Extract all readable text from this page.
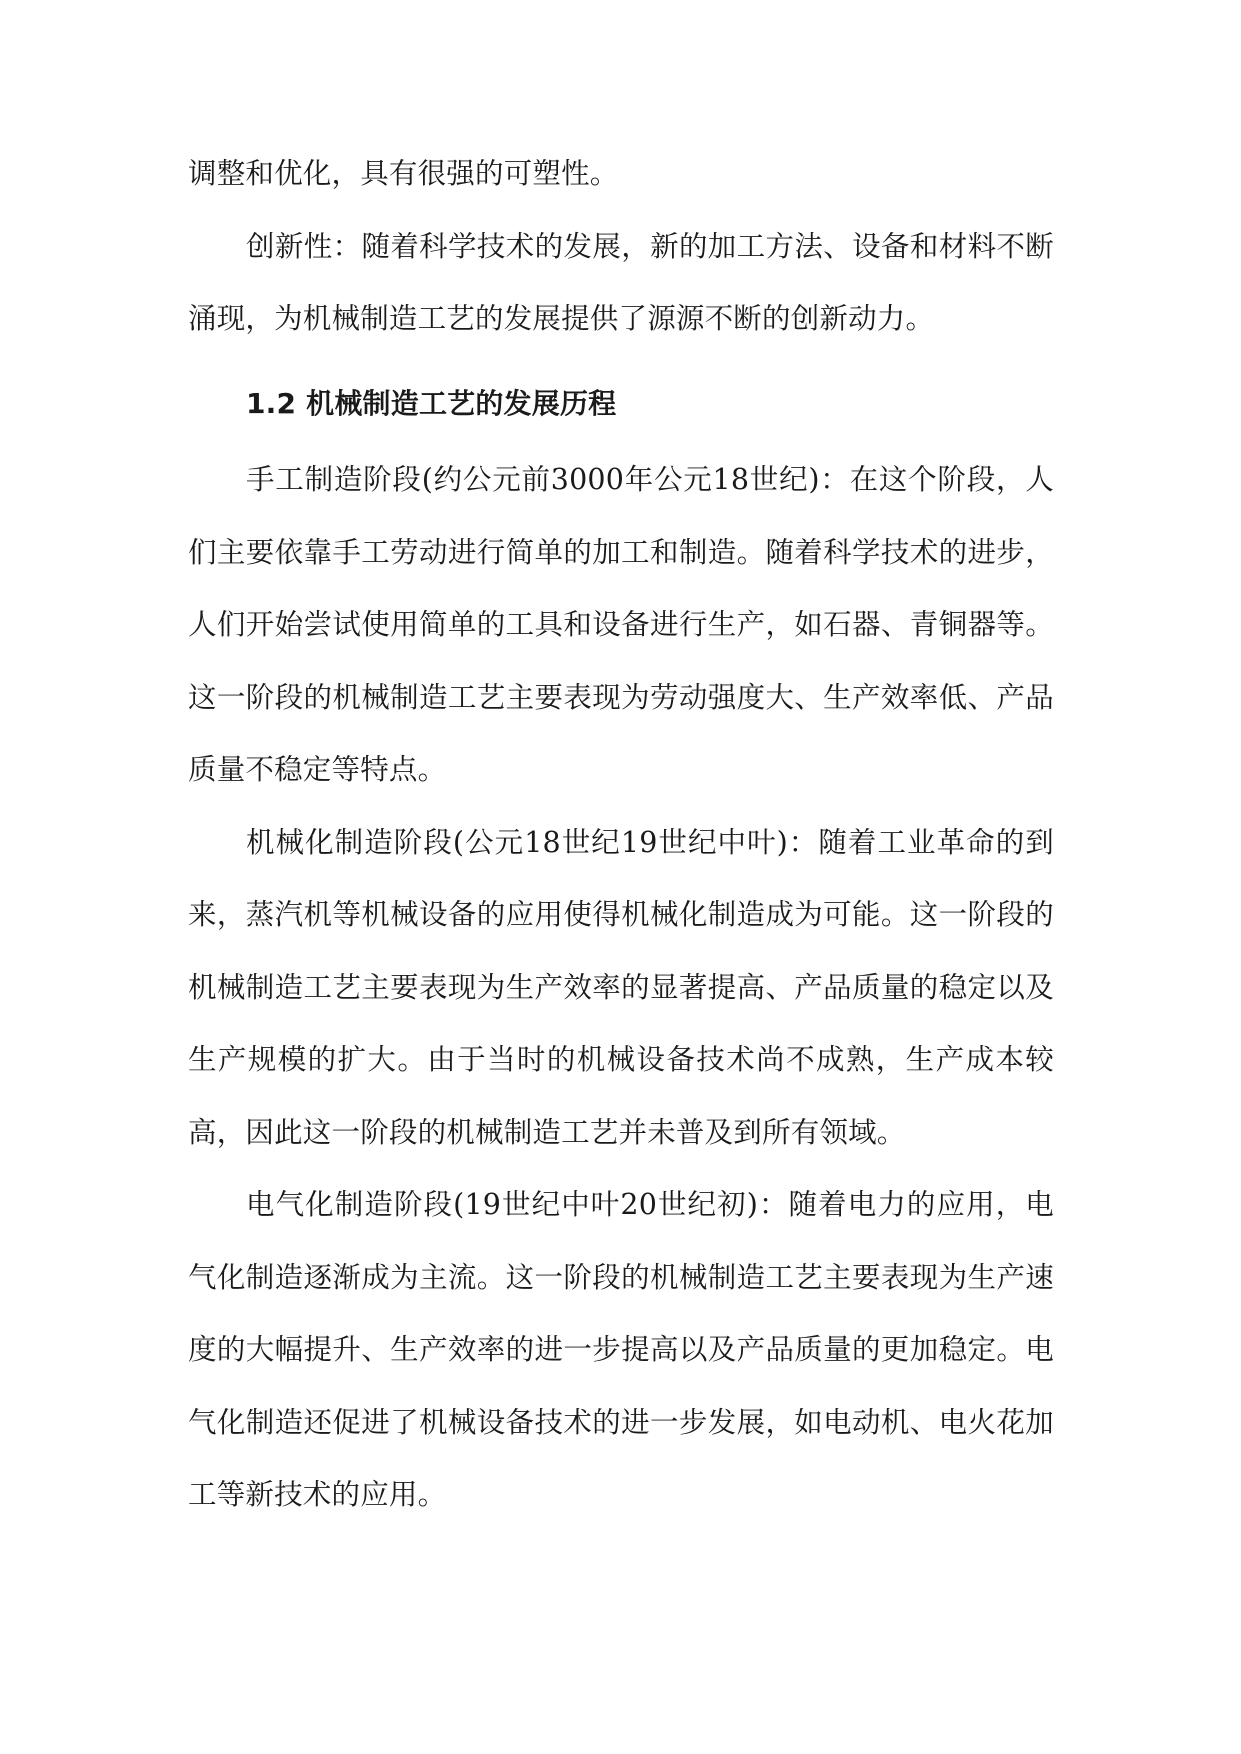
调整和优化，具有很强的可塑性。

创新性：随着科学技术的发展，新的加工方法、设备和材料不断涌现，为机械制造工艺的发展提供了源源不断的创新动力。

1.2 机械制造工艺的发展历程

手工制造阶段(约公元前3000年公元18世纪)：在这个阶段，人们主要依靠手工劳动进行简单的加工和制造。随着科学技术的进步，人们开始尝试使用简单的工具和设备进行生产，如石器、青铜器等。这一阶段的机械制造工艺主要表现为劳动强度大、生产效率低、产品质量不稳定等特点。

机械化制造阶段(公元18世纪19世纪中叶)：随着工业革命的到来，蒸汽机等机械设备的应用使得机械化制造成为可能。这一阶段的机械制造工艺主要表现为生产效率的显著提高、产品质量的稳定以及生产规模的扩大。由于当时的机械设备技术尚不成熟，生产成本较高，因此这一阶段的机械制造工艺并未普及到所有领域。

电气化制造阶段(19世纪中叶20世纪初)：随着电力的应用，电气化制造逐渐成为主流。这一阶段的机械制造工艺主要表现为生产速度的大幅提升、生产效率的进一步提高以及产品质量的更加稳定。电气化制造还促进了机械设备技术的进一步发展，如电动机、电火花加工等新技术的应用。
